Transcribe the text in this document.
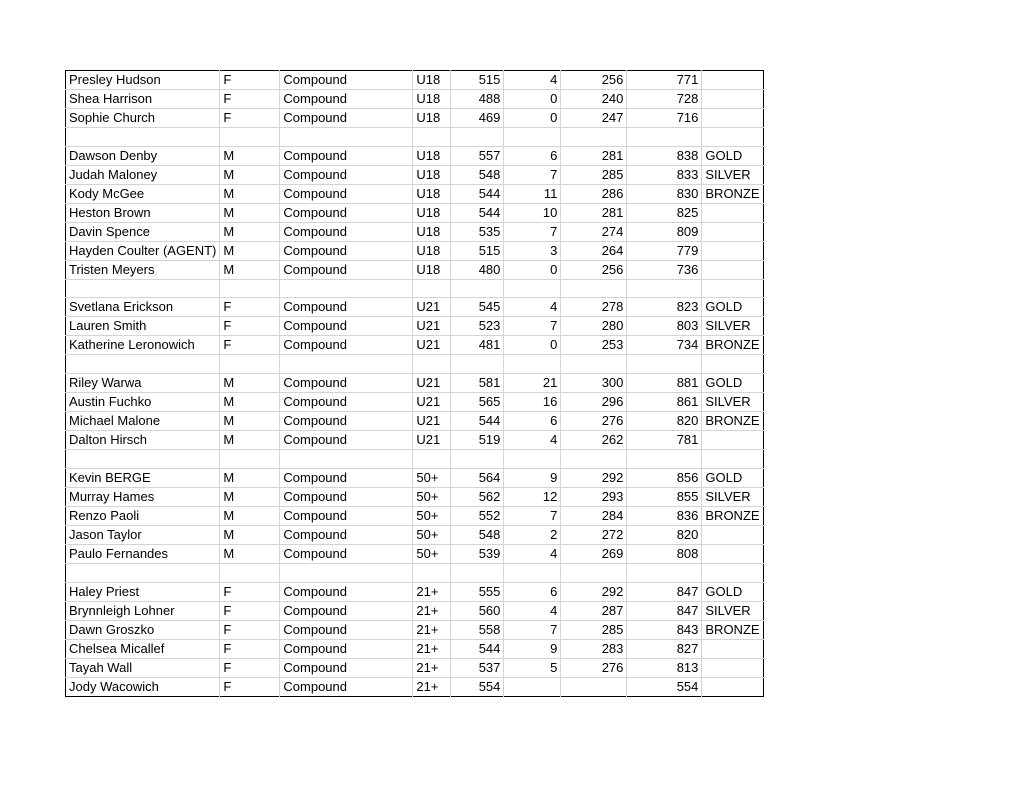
Presley Hudson	F	Compound	U18	515	4	256	771	
Shea Harrison	F	Compound	U18	488	0	240	728	
Sophie Church	F	Compound	U18	469	0	247	716	

Dawson Denby	M	Compound	U18	557	6	281	838	GOLD
Judah Maloney	M	Compound	U18	548	7	285	833	SILVER
Kody McGee	M	Compound	U18	544	11	286	830	BRONZE
Heston Brown	M	Compound	U18	544	10	281	825	
Davin Spence	M	Compound	U18	535	7	274	809	
Hayden Coulter (AGENT)	M	Compound	U18	515	3	264	779	
Tristen Meyers	M	Compound	U18	480	0	256	736	

Svetlana Erickson	F	Compound	U21	545	4	278	823	GOLD
Lauren Smith	F	Compound	U21	523	7	280	803	SILVER
Katherine Leronowich	F	Compound	U21	481	0	253	734	BRONZE

Riley Warwa	M	Compound	U21	581	21	300	881	GOLD
Austin Fuchko	M	Compound	U21	565	16	296	861	SILVER
Michael Malone	M	Compound	U21	544	6	276	820	BRONZE
Dalton Hirsch	M	Compound	U21	519	4	262	781	

Kevin BERGE	M	Compound	50+	564	9	292	856	GOLD
Murray Hames	M	Compound	50+	562	12	293	855	SILVER
Renzo Paoli	M	Compound	50+	552	7	284	836	BRONZE
Jason Taylor	M	Compound	50+	548	2	272	820	
Paulo Fernandes	M	Compound	50+	539	4	269	808	

Haley Priest	F	Compound	21+	555	6	292	847	GOLD
Brynnleigh Lohner	F	Compound	21+	560	4	287	847	SILVER
Dawn Groszko	F	Compound	21+	558	7	285	843	BRONZE
Chelsea Micallef	F	Compound	21+	544	9	283	827	
Tayah Wall	F	Compound	21+	537	5	276	813	
Jody Wacowich	F	Compound	21+	554			554	
